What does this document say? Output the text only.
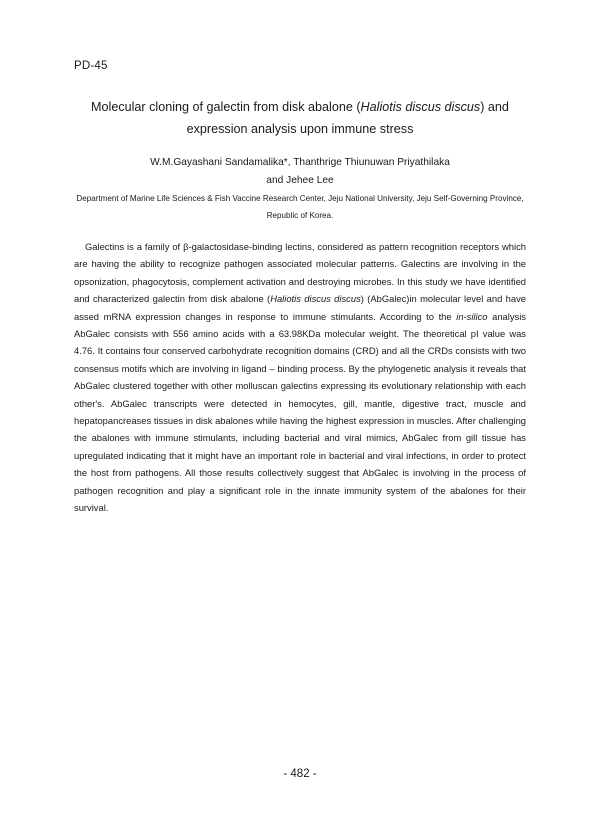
PD-45
Molecular cloning of galectin from disk abalone (Haliotis discus discus) and expression analysis upon immune stress
W.M.Gayashani Sandamalika*, Thanthrige Thiunuwan Priyathilaka
and Jehee Lee
Department of Marine Life Sciences & Fish Vaccine Research Center, Jeju National University, Jeju Self-Governing Province, Republic of Korea.

Galectins is a family of β-galactosidase-binding lectins, considered as pattern recognition receptors which are having the ability to recognize pathogen associated molecular patterns. Galectins are involving in the opsonization, phagocytosis, complement activation and destroying microbes. In this study we have identified and characterized galectin from disk abalone (Haliotis discus discus) (AbGalec)in molecular level and have assed mRNA expression changes in response to immune stimulants. According to the in-silico analysis AbGalec consists with 556 amino acids with a 63.98KDa molecular weight. The theoretical pI value was 4.76. It contains four conserved carbohydrate recognition domains (CRD) and all the CRDs consists with two consensus motifs which are involving in ligand – binding process. By the phylogenetic analysis it reveals that AbGalec clustered together with other molluscan galectins expressing its evolutionary relationship with each other's. AbGalec transcripts were detected in hemocytes, gill, mantle, digestive tract, muscle and hepatopancreases tissues in disk abalones while having the highest expression in muscles. After challenging the abalones with immune stimulants, including bacterial and viral mimics, AbGalec from gill tissue has upregulated indicating that it might have an important role in bacterial and viral infections, in order to protect the host from pathogens. All those results collectively suggest that AbGalec is involving in the process of pathogen recognition and play a significant role in the innate immunity system of the abalones for their survival.

- 482 -
